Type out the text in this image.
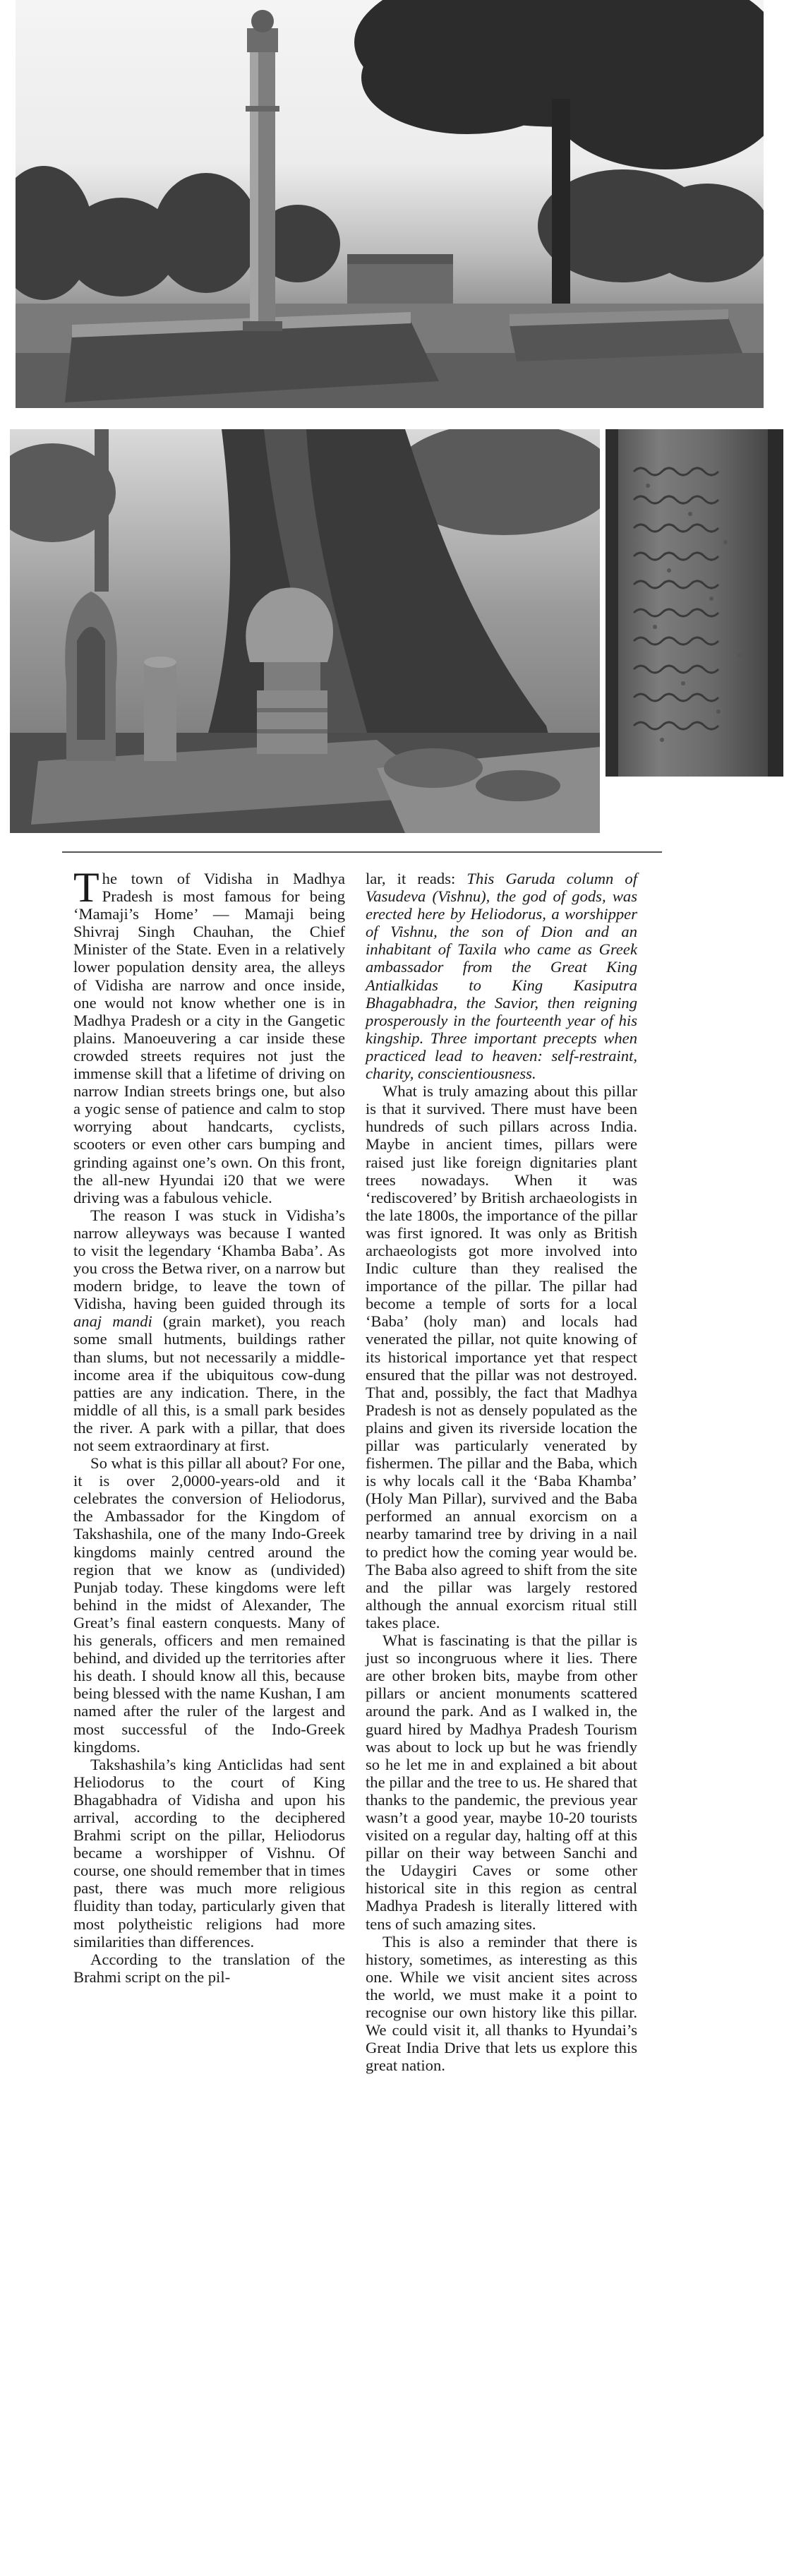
The town of Vidisha in Madhya Pradesh is most famous for being ‘Mamaji’s Home’ — Mamaji being Shivraj Singh Chauhan, the Chief Minister of the State. Even in a relatively lower population density area, the alleys of Vidisha are narrow and once inside, one would not know whether one is in Madhya Pradesh or a city in the Gangetic plains. Manoeuvering a car inside these crowded streets requires not just the immense skill that a lifetime of driving on narrow Indian streets brings one, but also a yogic sense of patience and calm to stop worrying about handcarts, cyclists, scooters or even other cars bumping and grinding against one’s own. On this front, the all-new Hyundai i20 that we were driving was a fabulous vehicle.

The reason I was stuck in Vidisha’s narrow alleyways was because I wanted to visit the legendary ‘Khamba Baba’. As you cross the Betwa river, on a narrow but modern bridge, to leave the town of Vidisha, having been guided through its anaj mandi (grain market), you reach some small hutments, buildings rather than slums, but not necessarily a middle-income area if the ubiquitous cow-dung patties are any indication. There, in the middle of all this, is a small park besides the river. A park with a pillar, that does not seem extraordinary at first.

So what is this pillar all about? For one, it is over 2,0000-years-old and it celebrates the conversion of Heliodorus, the Ambassador for the Kingdom of Takshashila, one of the many Indo-Greek kingdoms mainly centred around the region that we know as (undivided) Punjab today. These kingdoms were left behind in the midst of Alexander, The Great’s final eastern conquests. Many of his generals, officers and men remained behind, and divided up the territories after his death. I should know all this, because being blessed with the name Kushan, I am named after the ruler of the largest and most successful of the Indo-Greek kingdoms.

Takshashila’s king Anticlidas had sent Heliodorus to the court of King Bhagabhadra of Vidisha and upon his arrival, according to the deciphered Brahmi script on the pillar, Heliodorus became a worshipper of Vishnu. Of course, one should remember that in times past, there was much more religious fluidity than today, particularly given that most polytheistic religions had more similarities than differences.

According to the translation of the Brahmi script on the pil-

lar, it reads: This Garuda column of Vasudeva (Vishnu), the god of gods, was erected here by Heliodorus, a worshipper of Vishnu, the son of Dion and an inhabitant of Taxila who came as Greek ambassador from the Great King Antialkidas to King Kasiputra Bhagabhadra, the Savior, then reigning prosperously in the fourteenth year of his kingship. Three important precepts when practiced lead to heaven: self-restraint, charity, conscientiousness.

What is truly amazing about this pillar is that it survived. There must have been hundreds of such pillars across India. Maybe in ancient times, pillars were raised just like foreign dignitaries plant trees nowadays. When it was ‘rediscovered’ by British archaeologists in the late 1800s, the importance of the pillar was first ignored. It was only as British archaeologists got more involved into Indic culture than they realised the importance of the pillar. The pillar had become a temple of sorts for a local ‘Baba’ (holy man) and locals had venerated the pillar, not quite knowing of its historical importance yet that respect ensured that the pillar was not destroyed. That and, possibly, the fact that Madhya Pradesh is not as densely populated as the plains and given its riverside location the pillar was particularly venerated by fishermen. The pillar and the Baba, which is why locals call it the ‘Baba Khamba’ (Holy Man Pillar), survived and the Baba performed an annual exorcism on a nearby tamarind tree by driving in a nail to predict how the coming year would be. The Baba also agreed to shift from the site and the pillar was largely restored although the annual exorcism ritual still takes place.

What is fascinating is that the pillar is just so incongruous where it lies. There are other broken bits, maybe from other pillars or ancient monuments scattered around the park. And as I walked in, the guard hired by Madhya Pradesh Tourism was about to lock up but he was friendly so he let me in and explained a bit about the pillar and the tree to us. He shared that thanks to the pandemic, the previous year wasn’t a good year, maybe 10-20 tourists visited on a regular day, halting off at this pillar on their way between Sanchi and the Udaygiri Caves or some other historical site in this region as central Madhya Pradesh is literally littered with tens of such amazing sites.

This is also a reminder that there is history, sometimes, as interesting as this one. While we visit ancient sites across the world, we must make it a point to recognise our own history like this pillar. We could visit it, all thanks to Hyundai’s Great India Drive that lets us explore this great nation.
